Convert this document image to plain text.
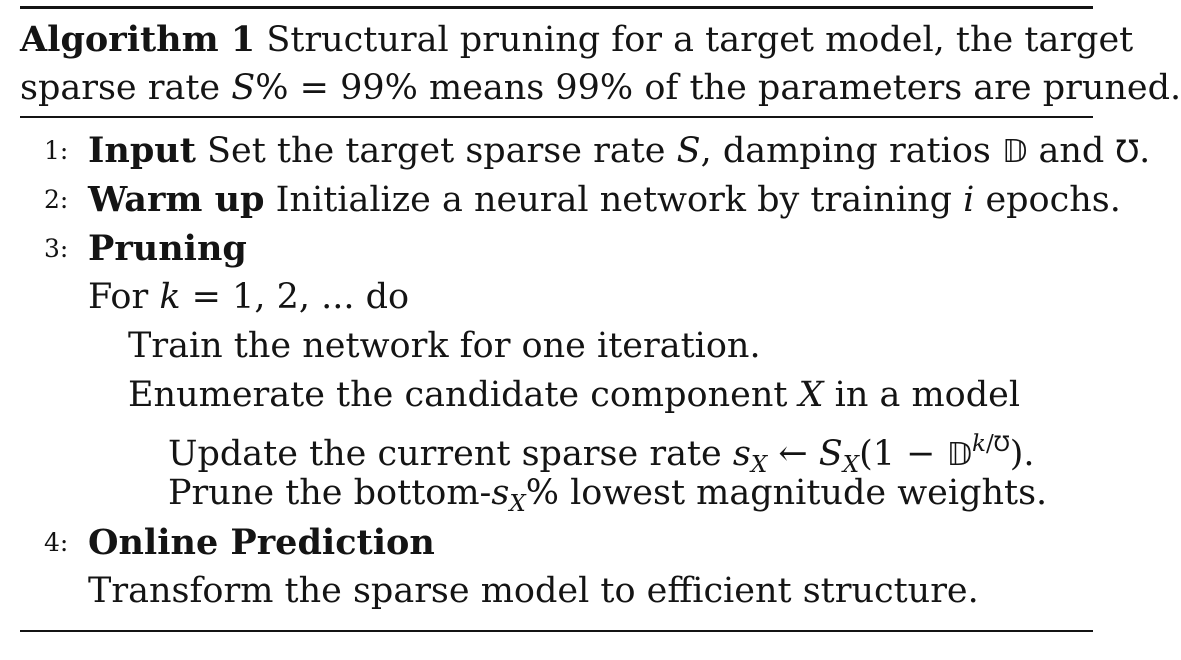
Algorithm 1 Structural pruning for a target model, the target
sparse rate S% = 99% means 99% of the parameters are pruned.
1: Input Set the target sparse rate S, damping ratios 𝔻 and Ʊ.
2: Warm up Initialize a neural network by training i epochs.
3: Pruning
For k = 1, 2, ... do
Train the network for one iteration.
Enumerate the candidate component X in a model
Update the current sparse rate $s_X$ ← $S_X(1$ − 𝔻$^{k/Ʊ}$).
Prune the bottom-$s_X\%$ lowest magnitude weights.
4: Online Prediction
Transform the sparse model to efficient structure.
